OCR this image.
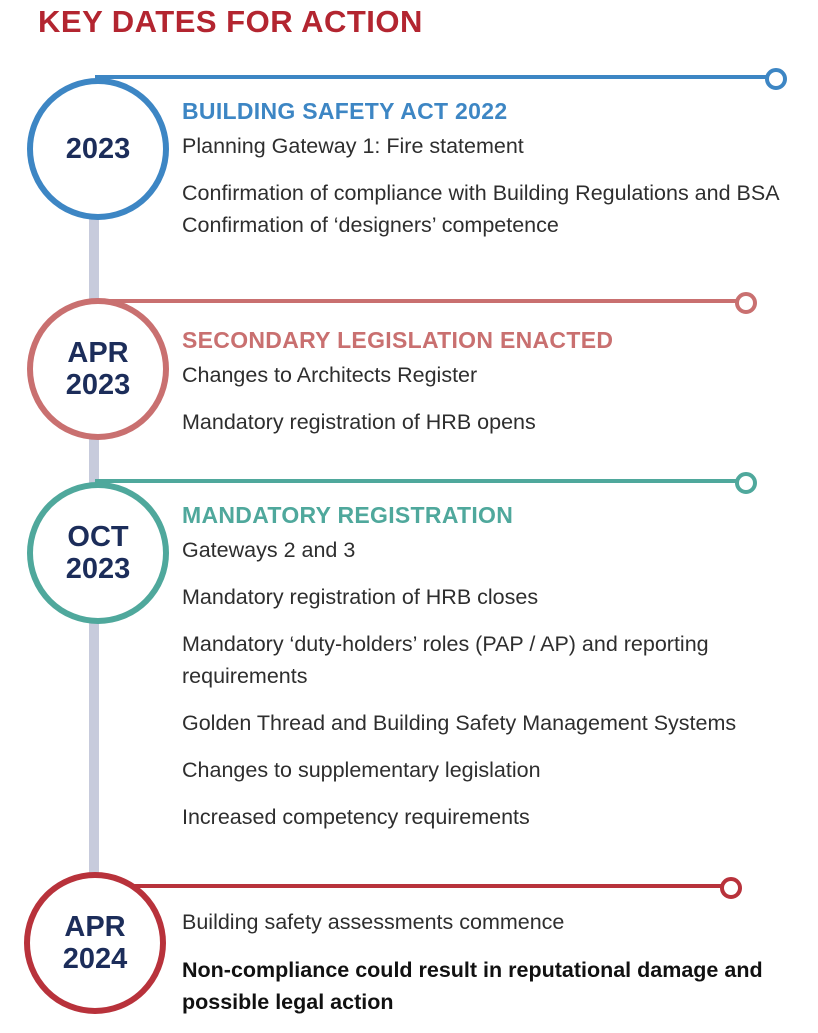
KEY DATES FOR ACTION
2023
BUILDING SAFETY ACT 2022

Planning Gateway 1: Fire statement

Confirmation of compliance with Building Regulations and BSA Confirmation of ‘designers’ competence

APR
2023
SECONDARY LEGISLATION ENACTED

Changes to Architects Register

Mandatory registration of HRB opens

OCT
2023
MANDATORY REGISTRATION

Gateways 2 and 3

Mandatory registration of HRB closes

Mandatory ‘duty-holders’ roles (PAP / AP) and reporting requirements

Golden Thread and Building Safety Management Systems

Changes to supplementary legislation

Increased competency requirements

APR
2024

Building safety assessments commence

Non-compliance could result in reputational damage and possible legal action
